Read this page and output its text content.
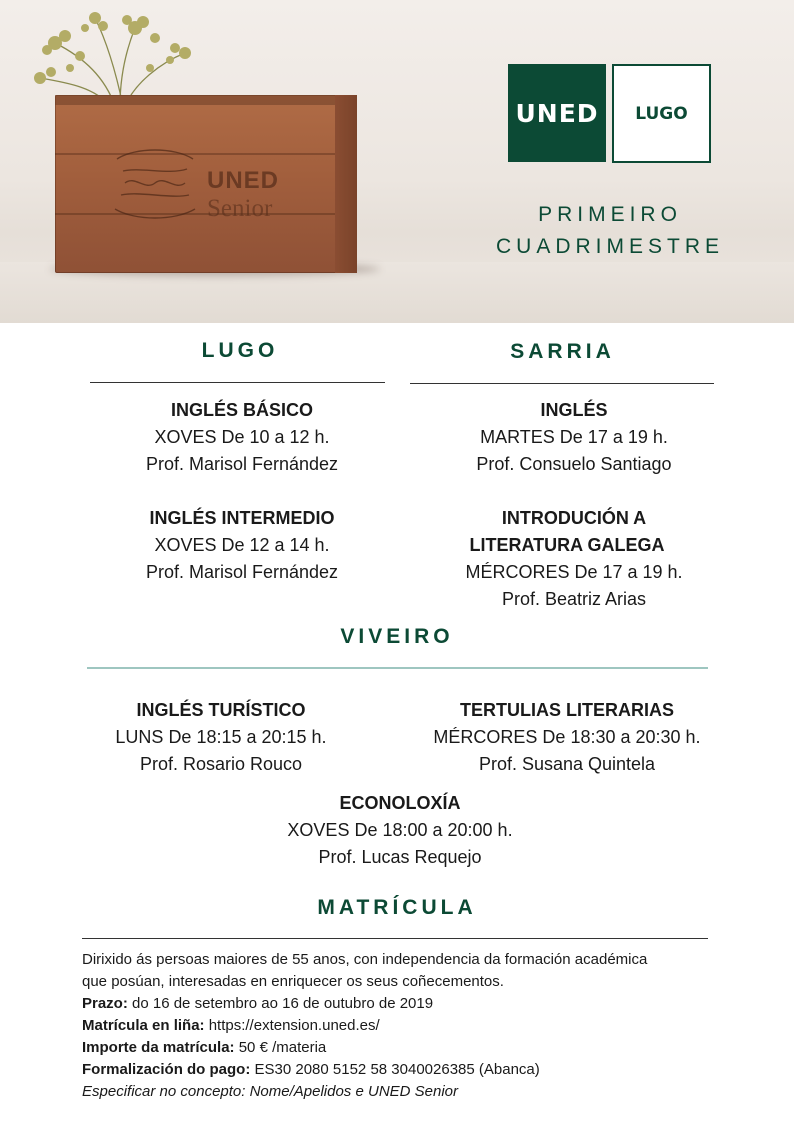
UNED
Senior
UNED	LUGO
PRIMEIRO
CUADRIMESTRE
LUGO	SARRIA
INGLÉS BÁSICO
XOVES De 10 a 12 h.
Prof. Marisol Fernández
INGLÉS INTERMEDIO
XOVES De 12 a 14 h.
Prof. Marisol Fernández
INGLÉS
MARTES De 17 a 19 h.
Prof. Consuelo Santiago
INTRODUCIÓN A
LITERATURA GALEGA
MÉRCORES De 17 a 19 h.
Prof. Beatriz Arias
VIVEIRO
INGLÉS TURÍSTICO
LUNS De 18:15 a 20:15 h.
Prof. Rosario Rouco
TERTULIAS LITERARIAS
MÉRCORES De 18:30 a 20:30 h.
Prof. Susana Quintela
ECONOLOXÍA
XOVES De 18:00 a 20:00 h.
Prof. Lucas Requejo
MATRÍCULA
Dirixido ás persoas maiores de 55 anos, con independencia da formación académica
que posúan, interesadas en enriquecer os seus coñecementos.
Prazo: do 16 de setembro ao 16 de outubro de 2019
Matrícula en liña: https://extension.uned.es/
Importe da matrícula: 50 € /materia
Formalización do pago: ES30 2080 5152 58 3040026385 (Abanca)
Especificar no concepto: Nome/Apelidos e UNED Senior
